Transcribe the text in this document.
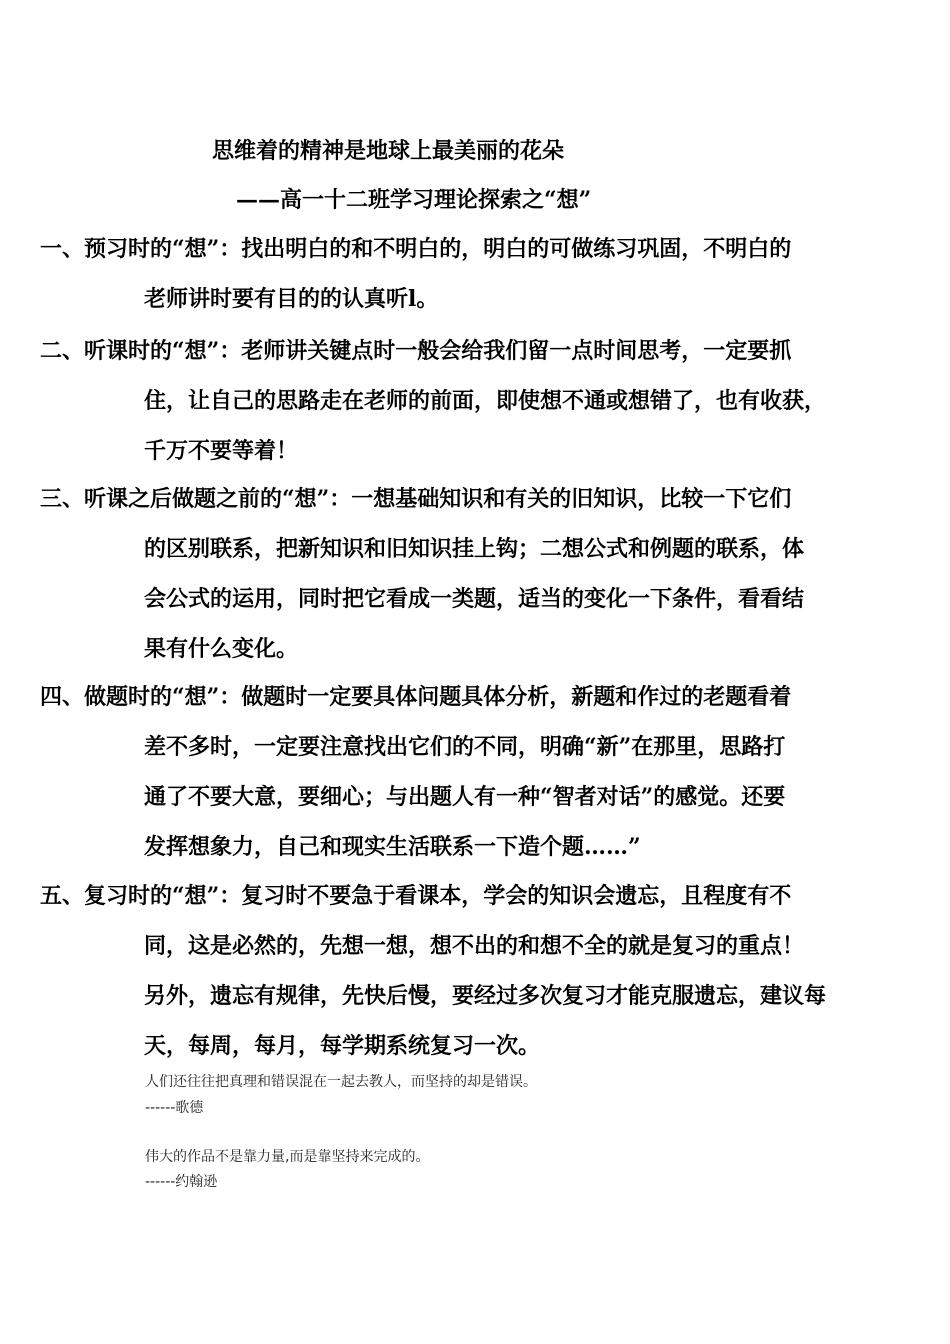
思维着的精神是地球上最美丽的花朵
——高一十二班学习理论探索之“想”
一、预习时的“想”：找出明白的和不明白的，明白的可做练习巩固，不明白的
老师讲时要有目的的认真听l。
二、听课时的“想”：老师讲关键点时一般会给我们留一点时间思考，一定要抓
住，让自己的思路走在老师的前面，即使想不通或想错了，也有收获，
千万不要等着！
三、听课之后做题之前的“想”：一想基础知识和有关的旧知识，比较一下它们
的区别联系，把新知识和旧知识挂上钩；二想公式和例题的联系，体
会公式的运用，同时把它看成一类题，适当的变化一下条件，看看结
果有什么变化。
四、做题时的“想”：做题时一定要具体问题具体分析，新题和作过的老题看着
差不多时，一定要注意找出它们的不同，明确“新”在那里，思路打
通了不要大意，要细心；与出题人有一种“智者对话”的感觉。还要
发挥想象力，自己和现实生活联系一下造个题……”
五、复习时的“想”：复习时不要急于看课本，学会的知识会遗忘，且程度有不
同，这是必然的，先想一想，想不出的和想不全的就是复习的重点！
另外，遗忘有规律，先快后慢，要经过多次复习才能克服遗忘，建议每
天，每周，每月，每学期系统复习一次。
人们还往往把真理和错误混在一起去教人，而坚持的却是错误。
------歌德
伟大的作品不是靠力量,而是靠坚持来完成的。
------约翰逊
